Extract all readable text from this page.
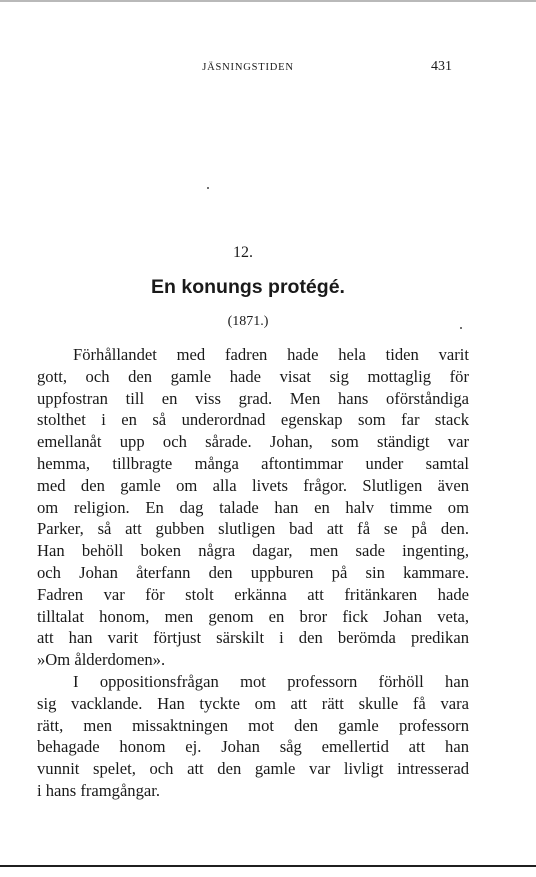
JÄSNINGSTIDEN	431
12.
En konungs protégé.
(1871.)
Förhållandet med fadren hade hela tiden varit
gott, och den gamle hade visat sig mottaglig för
uppfostran till en viss grad. Men hans oförståndiga
stolthet i en så underordnad egenskap som far stack
emellanåt upp och sårade. Johan, som ständigt var
hemma, tillbragte många aftontimmar under samtal
med den gamle om alla livets frågor. Slutligen även
om religion. En dag talade han en halv timme om
Parker, så att gubben slutligen bad att få se på den.
Han behöll boken några dagar, men sade ingenting,
och Johan återfann den uppburen på sin kammare.
Fadren var för stolt erkänna att fritänkaren hade
tilltalat honom, men genom en bror fick Johan veta,
att han varit förtjust särskilt i den berömda predikan
»Om ålderdomen».
I oppositionsfrågan mot professorn förhöll han
sig vacklande. Han tyckte om att rätt skulle få vara
rätt, men missaktningen mot den gamle professorn
behagade honom ej. Johan såg emellertid att han
vunnit spelet, och att den gamle var livligt intresserad
i hans framgångar.
